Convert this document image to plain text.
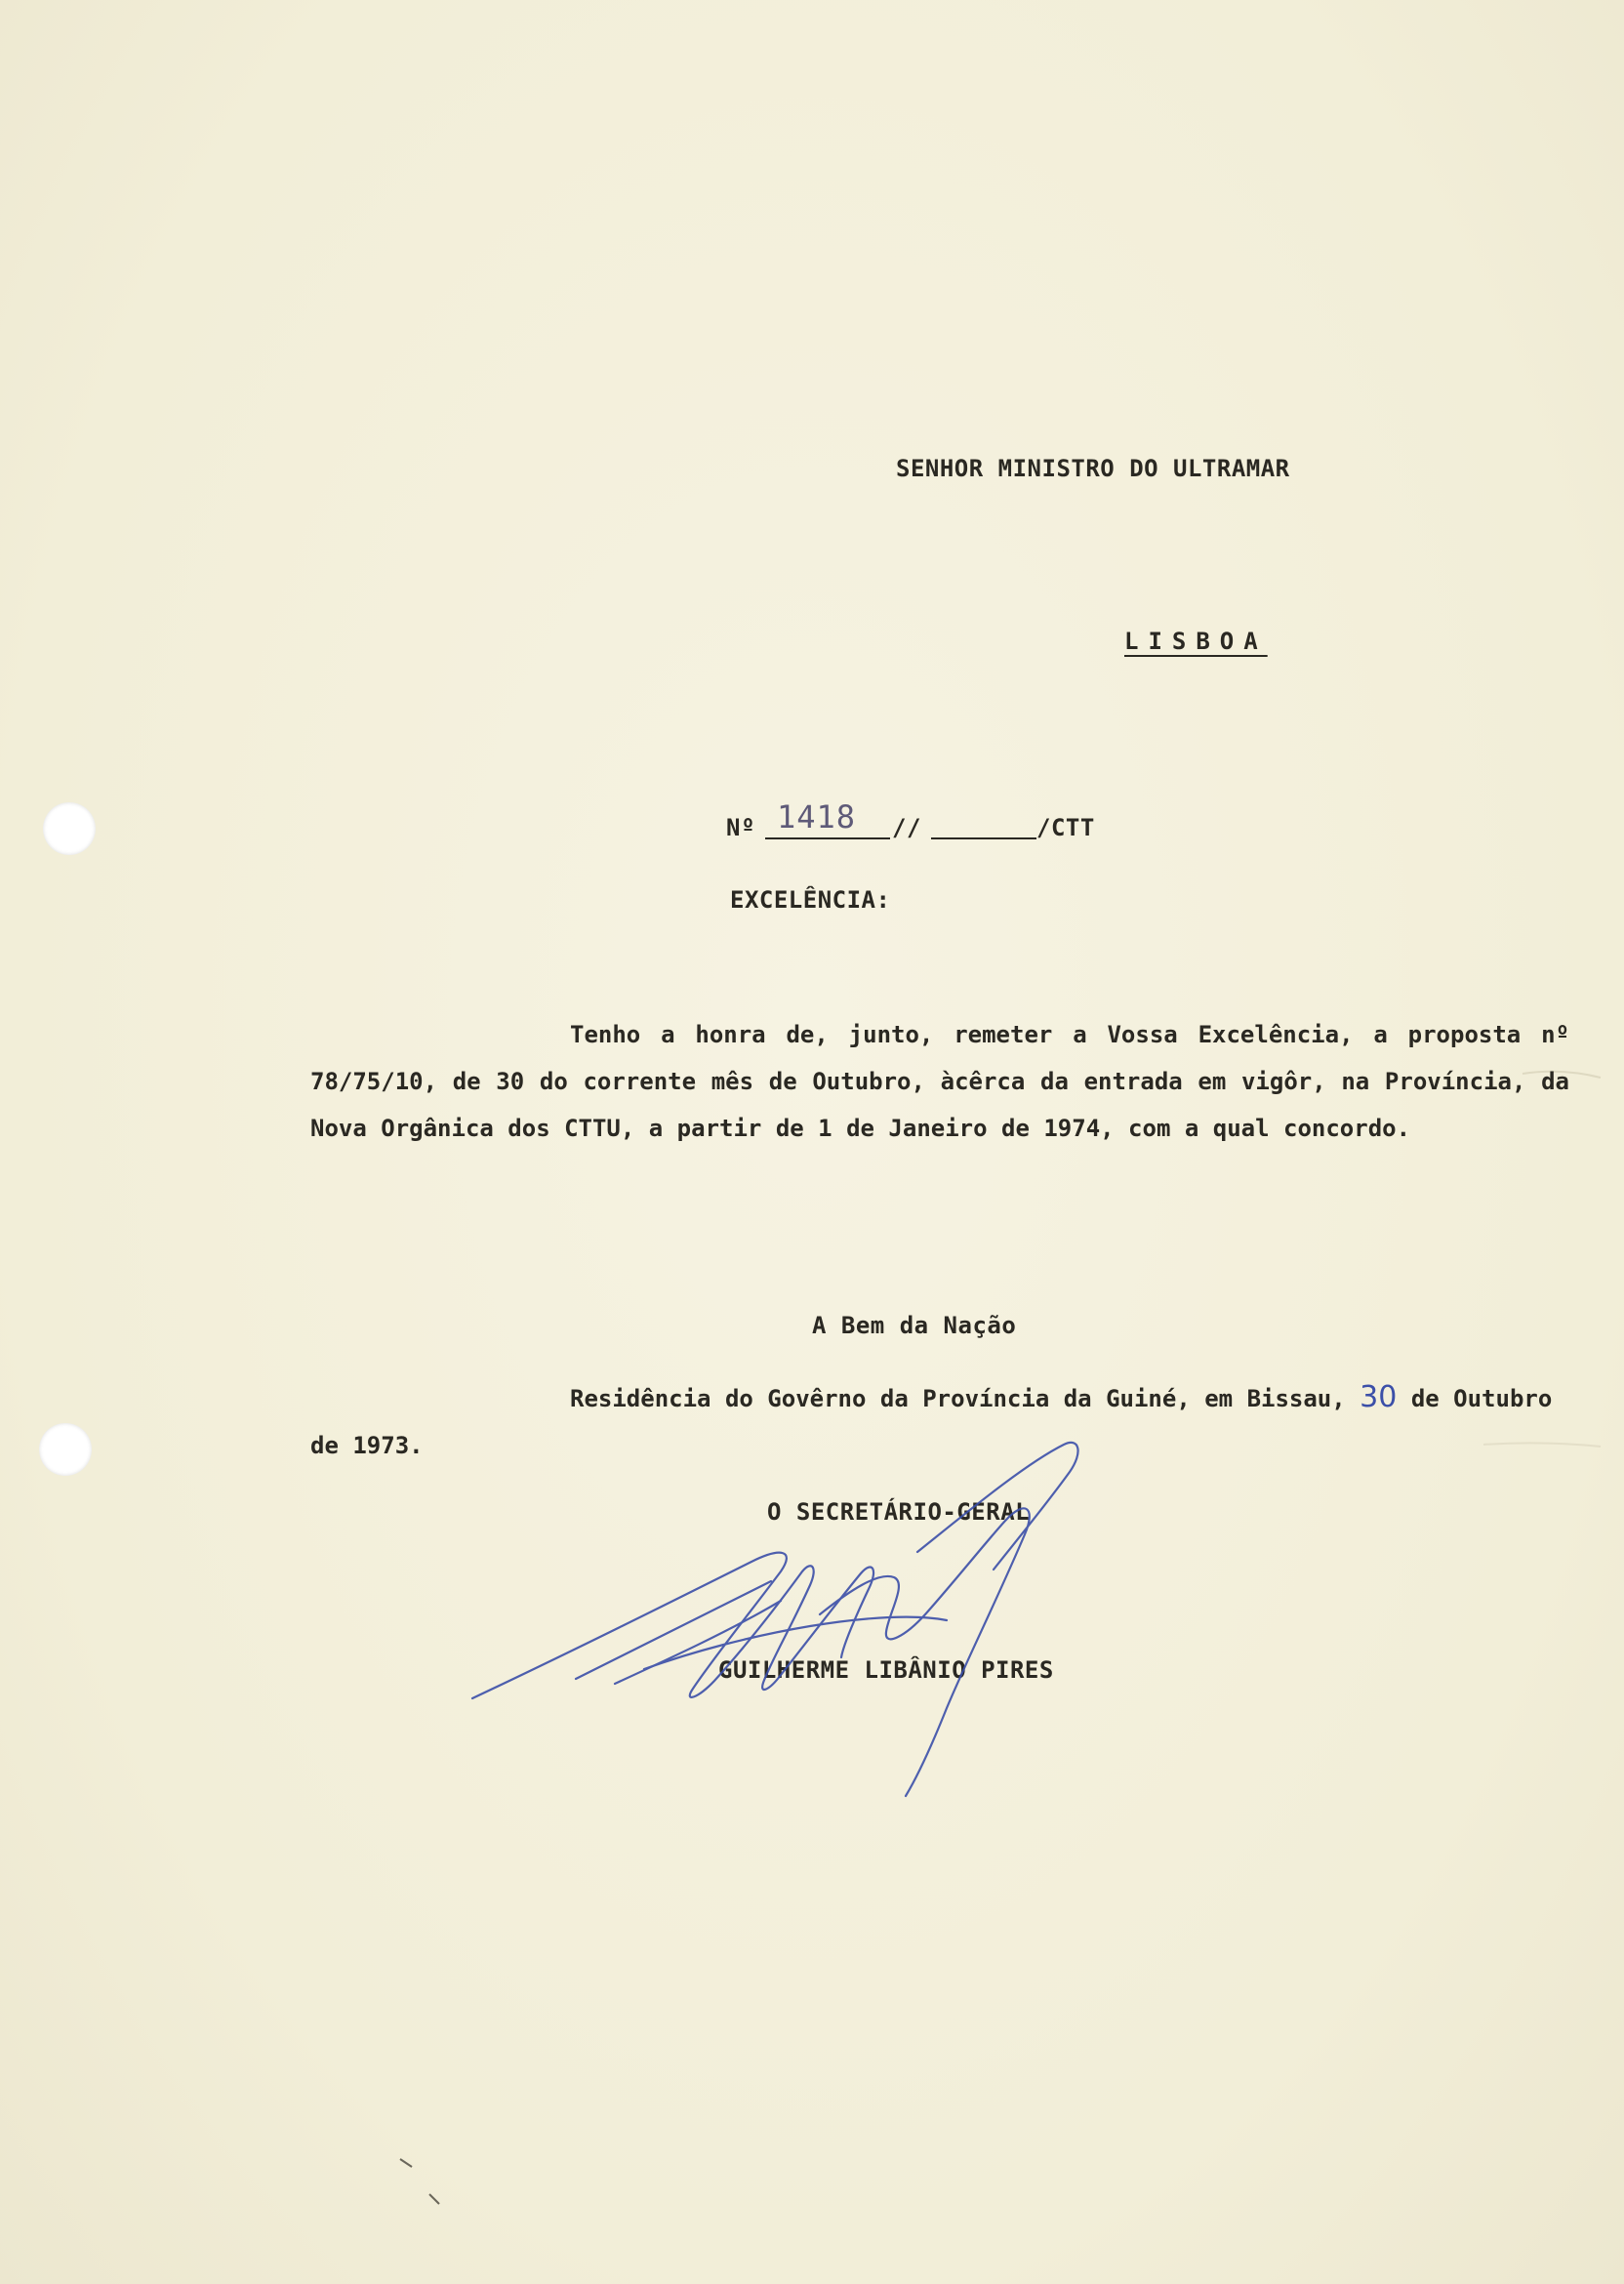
SENHOR MINISTRO DO ULTRAMAR
LISBOA
Nº 1418 //	/CTT
EXCELÊNCIA:
Tenho a honra de, junto, remeter a Vossa Excelência, a proposta nº 78/75/10, de 30 do corrente mês de Outubro, àcêrca da entrada em vigôr, na Província, da Nova Orgânica dos CTTU, a partir de 1 de Janeiro de 1974, com a qual concordo.
A Bem da Nação
Residência do Govêrno da Província da Guiné, em Bissau, 30 de Outubro de 1973.
O SECRETÁRIO-GERAL
GUILHERME LIBÂNIO PIRES
